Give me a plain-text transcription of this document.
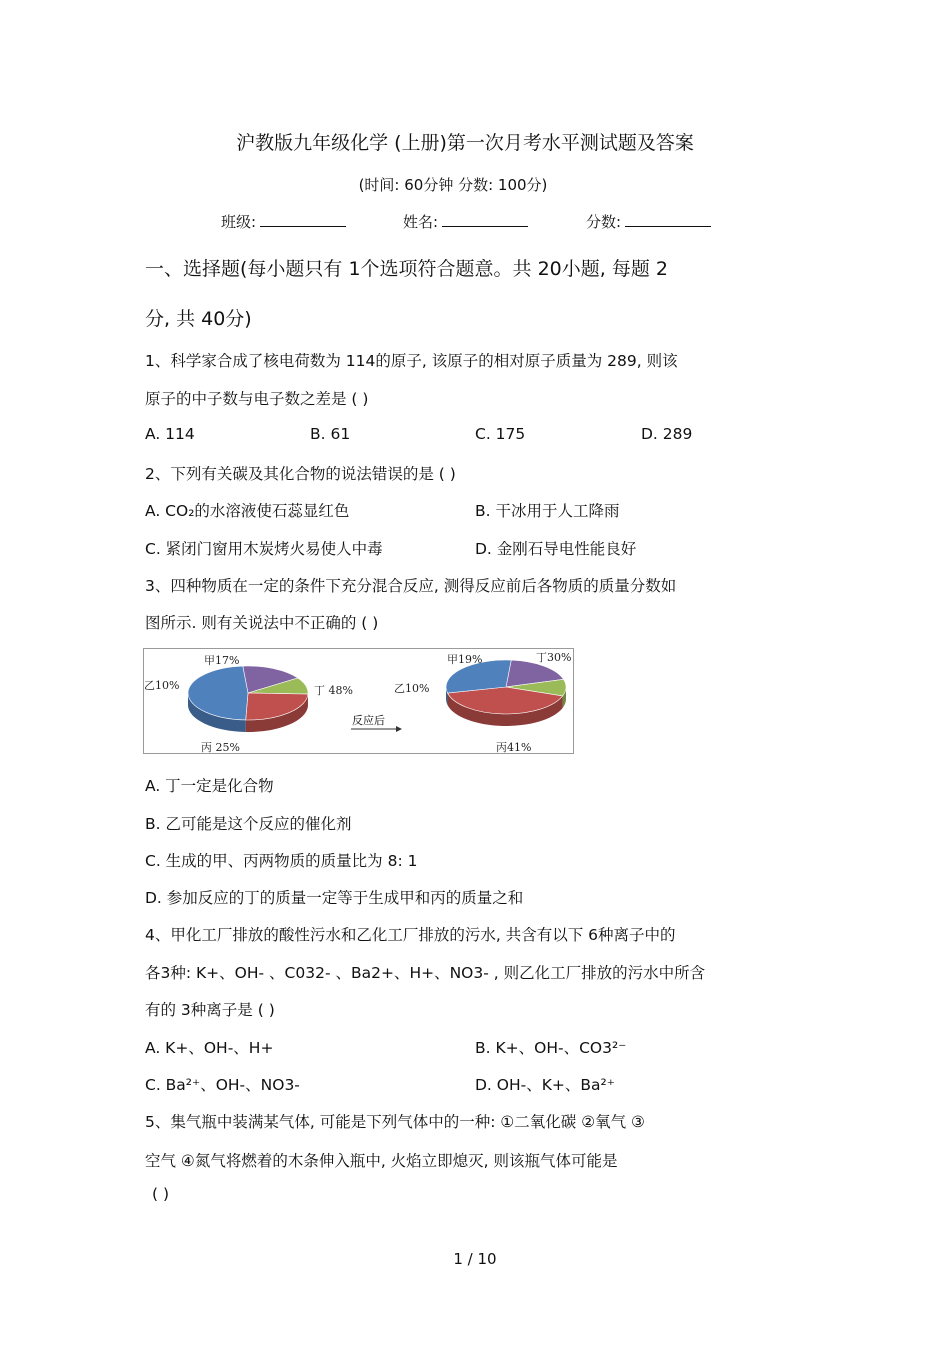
沪教版九年级化学 (上册)第一次月考水平测试题及答案
(时间: 60分钟 分数: 100分)
班级:	姓名:	分数:
一、选择题(每小题只有 1个选项符合题意。共 20小题, 每题 2
分, 共 40分)
1、科学家合成了核电荷数为 114的原子, 该原子的相对原子质量为 289, 则该
原子的中子数与电子数之差是 ( )
A. 114	B. 61	C. 175	D. 289
2、下列有关碳及其化合物的说法错误的是 ( )
A. CO₂的水溶液使石蕊显红色	B. 干冰用于人工降雨
C. 紧闭门窗用木炭烤火易使人中毒	D. 金刚石导电性能良好
3、四种物质在一定的条件下充分混合反应, 测得反应前后各物质的质量分数如
图所示. 则有关说法中不正确的 ( )
甲17%
乙10%
丙 25%
丁 48%
甲19%
乙10%
丙41%
丁30%
反应后
A. 丁一定是化合物
B. 乙可能是这个反应的催化剂
C. 生成的甲、丙两物质的质量比为 8: 1
D. 参加反应的丁的质量一定等于生成甲和丙的质量之和
4、甲化工厂排放的酸性污水和乙化工厂排放的污水, 共含有以下 6种离子中的
各3种: K+、OH- 、C032- 、Ba2+、H+、NO3- , 则乙化工厂排放的污水中所含
有的 3种离子是 ( )
A. K+、OH-、H+	B. K+、OH-、CO3²⁻
C. Ba²⁺、OH-、NO3-	D. OH-、K+、Ba²⁺
5、集气瓶中装满某气体, 可能是下列气体中的一种: ①二氧化碳 ②氧气 ③
空气 ④氮气将燃着的木条伸入瓶中, 火焰立即熄灭, 则该瓶气体可能是
( )
1 / 10
